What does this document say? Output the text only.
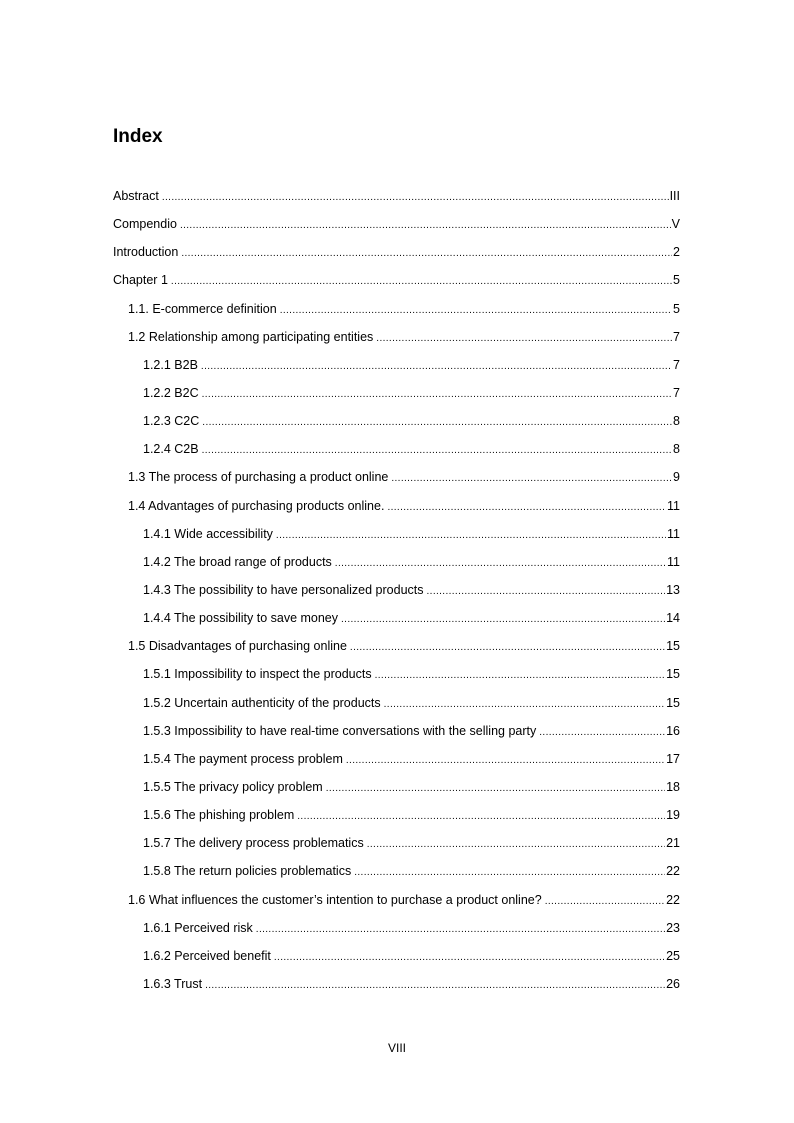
Index
Abstract . . .	III
Compendio . . .	V
Introduction . . .	2
Chapter 1 . . .	5
1.1. E-commerce definition . . .	5
1.2 Relationship among participating entities . . .	7
1.2.1 B2B . . .	7
1.2.2 B2C . . .	7
1.2.3 C2C . . .	8
1.2.4 C2B . . .	8
1.3 The process of purchasing a product online . . .	9
1.4 Advantages of purchasing products online. . . .	11
1.4.1 Wide accessibility . . .	11
1.4.2 The broad range of products . . .	11
1.4.3 The possibility to have personalized products . . .	13
1.4.4 The possibility to save money . . .	14
1.5 Disadvantages of purchasing online . . .	15
1.5.1 Impossibility to inspect the products . . .	15
1.5.2 Uncertain authenticity of the products . . .	15
1.5.3 Impossibility to have real-time conversations with the selling party . . .	16
1.5.4 The payment process problem . . .	17
1.5.5 The privacy policy problem . . .	18
1.5.6 The phishing problem . . .	19
1.5.7 The delivery process problematics . . .	21
1.5.8 The return policies problematics . . .	22
1.6 What influences the customer’s intention to purchase a product online? . . .	22
1.6.1 Perceived risk . . .	23
1.6.2 Perceived benefit . . .	25
1.6.3 Trust . . .	26
VIII
